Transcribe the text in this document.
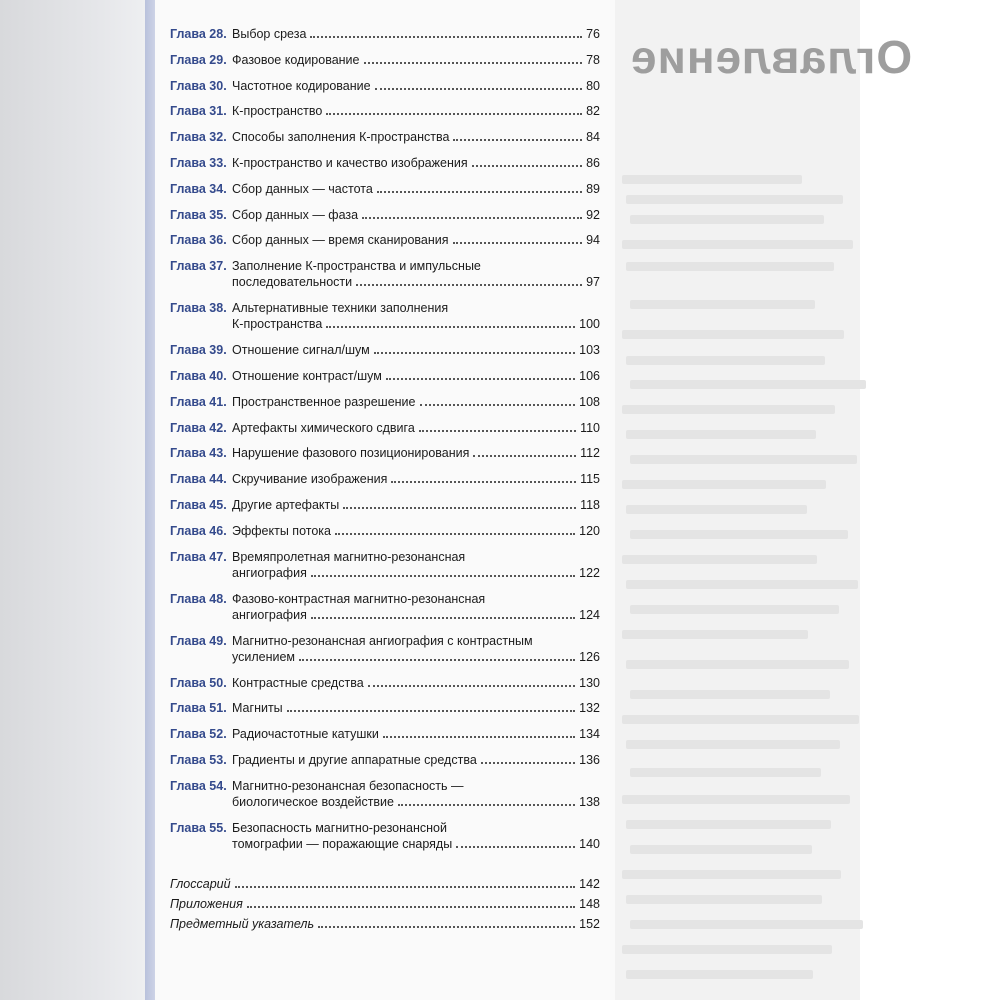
Оглавление
Глава 28. Выбор среза	76
Глава 29. Фазовое кодирование	78
Глава 30. Частотное кодирование	80
Глава 31. К-пространство	82
Глава 32. Способы заполнения К-пространства	84
Глава 33. К-пространство и качество изображения	86
Глава 34. Сбор данных — частота	89
Глава 35. Сбор данных — фаза	92
Глава 36. Сбор данных — время сканирования	94
Глава 37. Заполнение К-пространства и импульсные
последовательности	97
Глава 38. Альтернативные техники заполнения
К-пространства	100
Глава 39. Отношение сигнал/шум	103
Глава 40. Отношение контраст/шум	106
Глава 41. Пространственное разрешение	108
Глава 42. Артефакты химического сдвига	110
Глава 43. Нарушение фазового позиционирования	112
Глава 44. Скручивание изображения	115
Глава 45. Другие артефакты	118
Глава 46. Эффекты потока	120
Глава 47. Времяпролетная магнитно-резонансная
ангиография	122
Глава 48. Фазово-контрастная магнитно-резонансная
ангиография	124
Глава 49. Магнитно-резонансная ангиография с контрастным
усилением	126
Глава 50. Контрастные средства	130
Глава 51. Магниты	132
Глава 52. Радиочастотные катушки	134
Глава 53. Градиенты и другие аппаратные средства	136
Глава 54. Магнитно-резонансная безопасность —
биологическое воздействие	138
Глава 55. Безопасность магнитно-резонансной
томографии — поражающие снаряды	140
Глоссарий	142
Приложения	148
Предметный указатель	152
